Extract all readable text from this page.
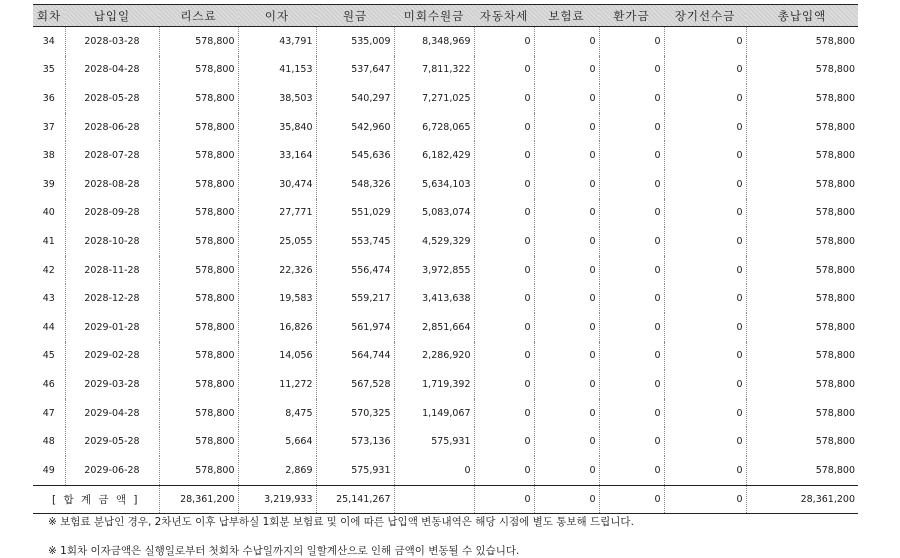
회차	납입일	리스료	이자	원금	미회수원금	자동차세	보험료	환가금	장기선수금	총납입액
34	2028-03-28	578,800	43,791	535,009	8,348,969	0	0	0	0	578,800
35	2028-04-28	578,800	41,153	537,647	7,811,322	0	0	0	0	578,800
36	2028-05-28	578,800	38,503	540,297	7,271,025	0	0	0	0	578,800
37	2028-06-28	578,800	35,840	542,960	6,728,065	0	0	0	0	578,800
38	2028-07-28	578,800	33,164	545,636	6,182,429	0	0	0	0	578,800
39	2028-08-28	578,800	30,474	548,326	5,634,103	0	0	0	0	578,800
40	2028-09-28	578,800	27,771	551,029	5,083,074	0	0	0	0	578,800
41	2028-10-28	578,800	25,055	553,745	4,529,329	0	0	0	0	578,800
42	2028-11-28	578,800	22,326	556,474	3,972,855	0	0	0	0	578,800
43	2028-12-28	578,800	19,583	559,217	3,413,638	0	0	0	0	578,800
44	2029-01-28	578,800	16,826	561,974	2,851,664	0	0	0	0	578,800
45	2029-02-28	578,800	14,056	564,744	2,286,920	0	0	0	0	578,800
46	2029-03-28	578,800	11,272	567,528	1,719,392	0	0	0	0	578,800
47	2029-04-28	578,800	8,475	570,325	1,149,067	0	0	0	0	578,800
48	2029-05-28	578,800	5,664	573,136	575,931	0	0	0	0	578,800
49	2029-06-28	578,800	2,869	575,931	0	0	0	0	0	578,800
[ 합 계 금 액 ]		28,361,200	3,219,933	25,141,267		0	0	0	0	28,361,200
※ 보험료 분납인 경우, 2차년도 이후 납부하실 1회분 보험료 및 이에 따른 납입액 변동내역은 해당 시점에 별도 통보해 드립니다.
※ 1회차 이자금액은 실행일로부터 첫회차 수납일까지의 일할계산으로 인해 금액이 변동될 수 있습니다.
